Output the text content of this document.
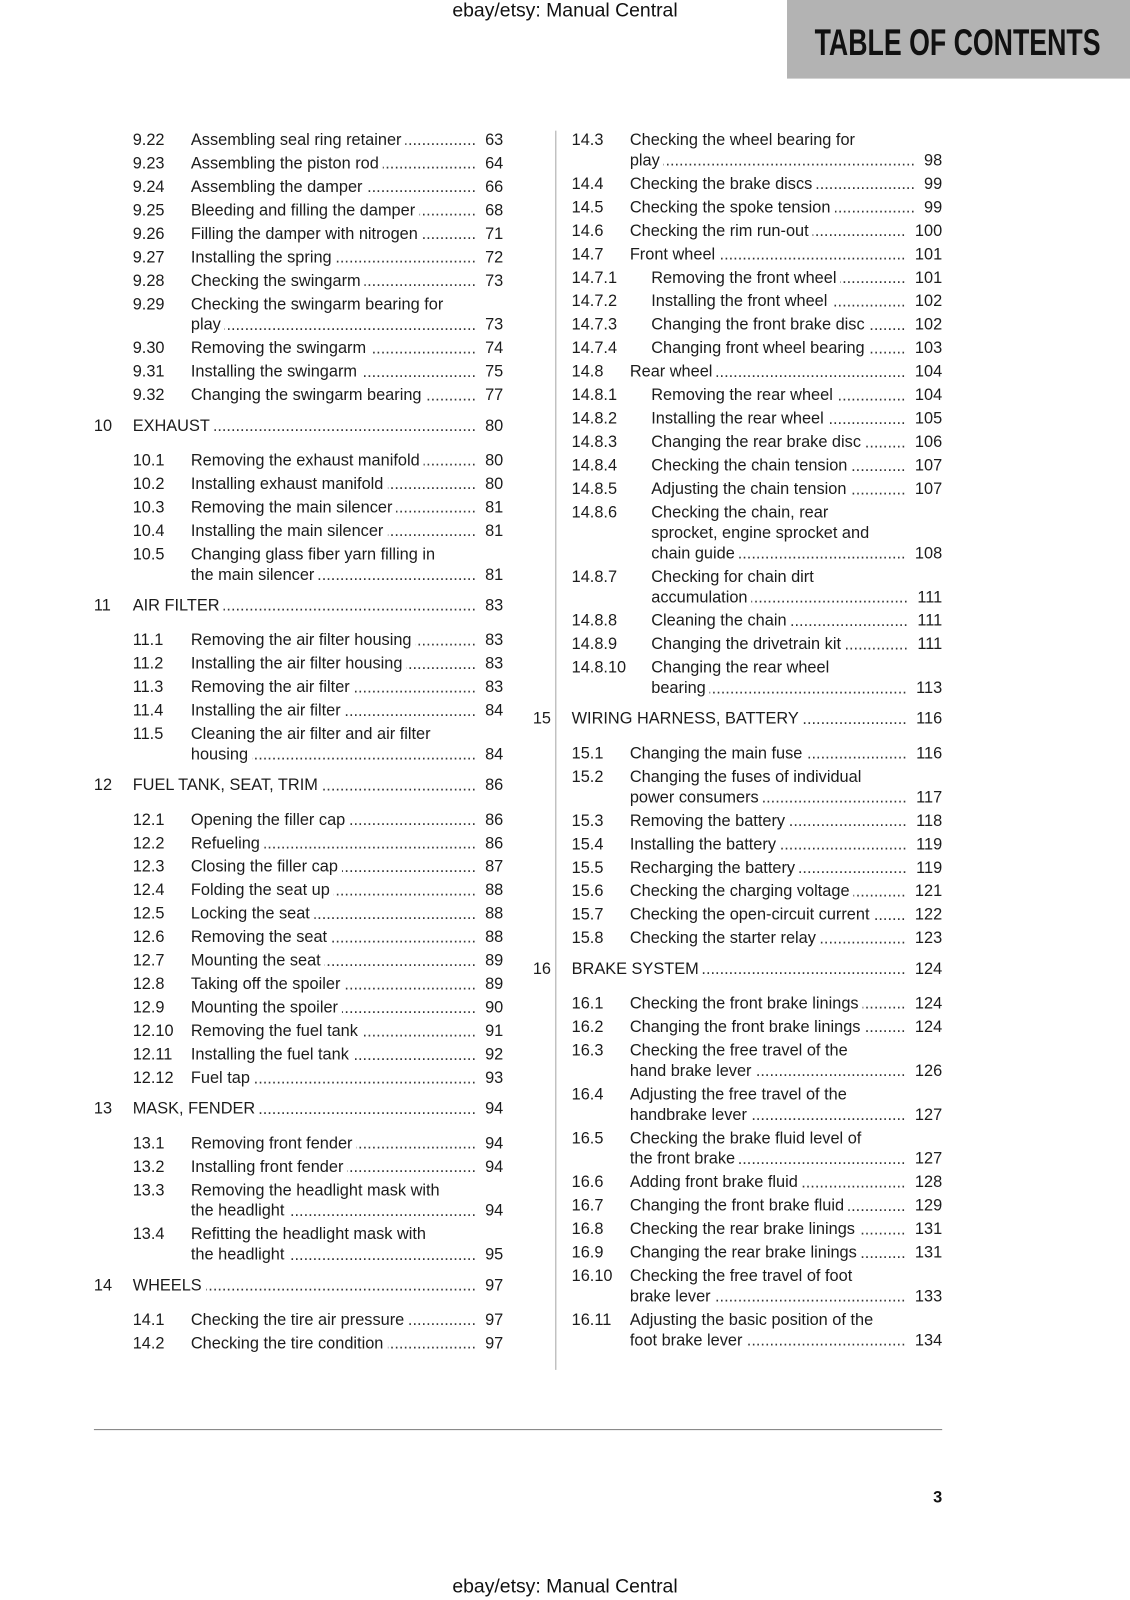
ebay/etsy: Manual Central
TABLE OF CONTENTS
9.22	Assembling seal ring retainer .....	63
9.23	Assembling the piston rod .....	64
9.24	Assembling the damper .....	66
9.25	Bleeding and filling the damper .....	68
9.26	Filling the damper with nitrogen .....	71
9.27	Installing the spring .....	72
9.28	Checking the swingarm .....	73
9.29	Checking the swingarm bearing for
play .....	73
9.30	Removing the swingarm .....	74
9.31	Installing the swingarm .....	75
9.32	Changing the swingarm bearing .....	77
10	EXHAUST .....	80
10.1	Removing the exhaust manifold .....	80
10.2	Installing exhaust manifold .....	80
10.3	Removing the main silencer .....	81
10.4	Installing the main silencer .....	81
10.5	Changing glass fiber yarn filling in
the main silencer .....	81
11	AIR FILTER .....	83
11.1	Removing the air filter housing .....	83
11.2	Installing the air filter housing .....	83
11.3	Removing the air filter .....	83
11.4	Installing the air filter .....	84
11.5	Cleaning the air filter and air filter
housing .....	84
12	FUEL TANK, SEAT, TRIM .....	86
12.1	Opening the filler cap .....	86
12.2	Refueling .....	86
12.3	Closing the filler cap .....	87
12.4	Folding the seat up .....	88
12.5	Locking the seat .....	88
12.6	Removing the seat .....	88
12.7	Mounting the seat .....	89
12.8	Taking off the spoiler .....	89
12.9	Mounting the spoiler .....	90
12.10	Removing the fuel tank .....	91
12.11	Installing the fuel tank .....	92
12.12	Fuel tap .....	93
13	MASK, FENDER .....	94
13.1	Removing front fender .....	94
13.2	Installing front fender .....	94
13.3	Removing the headlight mask with
the headlight .....	94
13.4	Refitting the headlight mask with
the headlight .....	95
14	WHEELS .....	97
14.1	Checking the tire air pressure .....	97
14.2	Checking the tire condition .....	97
14.3	Checking the wheel bearing for
play .....	98
14.4	Checking the brake discs .....	99
14.5	Checking the spoke tension .....	99
14.6	Checking the rim run-out .....	100
14.7	Front wheel .....	101
14.7.1	Removing the front wheel .....	101
14.7.2	Installing the front wheel .....	102
14.7.3	Changing the front brake disc .....	102
14.7.4	Changing front wheel bearing .....	103
14.8	Rear wheel .....	104
14.8.1	Removing the rear wheel .....	104
14.8.2	Installing the rear wheel .....	105
14.8.3	Changing the rear brake disc .....	106
14.8.4	Checking the chain tension .....	107
14.8.5	Adjusting the chain tension .....	107
14.8.6	Checking the chain, rear
sprocket, engine sprocket and
chain guide .....	108
14.8.7	Checking for chain dirt
accumulation .....	111
14.8.8	Cleaning the chain .....	111
14.8.9	Changing the drivetrain kit .....	111
14.8.10	Changing the rear wheel
bearing .....	113
15	WIRING HARNESS, BATTERY .....	116
15.1	Changing the main fuse .....	116
15.2	Changing the fuses of individual
power consumers .....	117
15.3	Removing the battery .....	118
15.4	Installing the battery .....	119
15.5	Recharging the battery .....	119
15.6	Checking the charging voltage .....	121
15.7	Checking the open-circuit current .....	122
15.8	Checking the starter relay .....	123
16	BRAKE SYSTEM .....	124
16.1	Checking the front brake linings .....	124
16.2	Changing the front brake linings .....	124
16.3	Checking the free travel of the
hand brake lever .....	126
16.4	Adjusting the free travel of the
handbrake lever .....	127
16.5	Checking the brake fluid level of
the front brake .....	127
16.6	Adding front brake fluid .....	128
16.7	Changing the front brake fluid .....	129
16.8	Checking the rear brake linings .....	131
16.9	Changing the rear brake linings .....	131
16.10	Checking the free travel of foot
brake lever .....	133
16.11	Adjusting the basic position of the
foot brake lever .....	134
3
ebay/etsy: Manual Central
